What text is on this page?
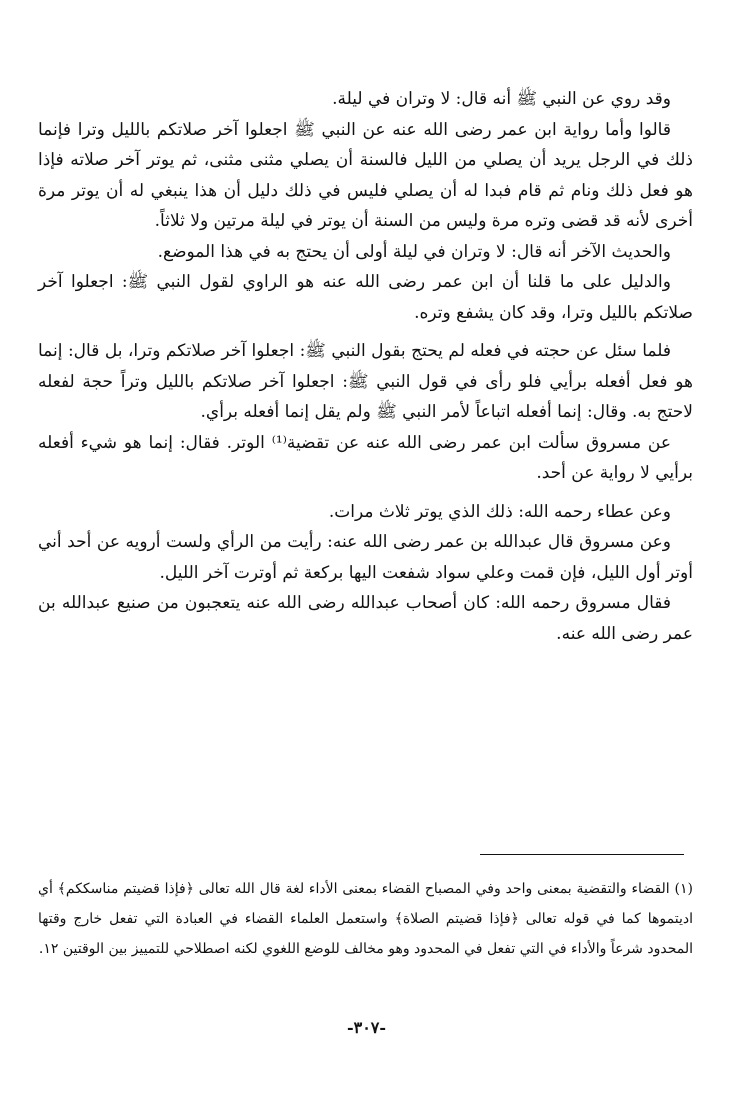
وقد روي عن النبي ﷺ أنه قال: لا وتران في ليلة.

قالوا وأما رواية ابن عمر رضى الله عنه عن النبي ﷺ اجعلوا آخر صلاتكم بالليل وترا فإنما ذلك في الرجل يريد أن يصلي من الليل فالسنة أن يصلي مثنى مثنى، ثم يوتر آخر صلاته فإذا هو فعل ذلك ونام ثم قام فبدا له أن يصلي فليس في ذلك دليل أن هذا ينبغي له أن يوتر مرة أخرى لأنه قد قضى وتره مرة وليس من السنة أن يوتر في ليلة مرتين ولا ثلاثاً.

والحديث الآخر أنه قال: لا وتران في ليلة أولى أن يحتج به في هذا الموضع.

والدليل على ما قلنا أن ابن عمر رضى الله عنه هو الراوي لقول النبي ﷺ: اجعلوا آخر صلاتكم بالليل وترا، وقد كان يشفع وتره.

فلما سئل عن حجته في فعله لم يحتج بقول النبي ﷺ: اجعلوا آخر صلاتكم وترا، بل قال: إنما هو فعل أفعله برأيي فلو رأى في قول النبي ﷺ: اجعلوا آخر صلاتكم بالليل وتراً حجة لفعله لاحتج به. وقال: إنما أفعله اتباعاً لأمر النبي ﷺ ولم يقل إنما أفعله برأي.

عن مسروق سألت ابن عمر رضى الله عنه عن تقضية⁽¹⁾ الوتر. فقال: إنما هو شيء أفعله برأيي لا رواية عن أحد.

وعن عطاء رحمه الله: ذلك الذي يوتر ثلاث مرات.

وعن مسروق قال عبدالله بن عمر رضى الله عنه: رأيت من الرأي ولست أرويه عن أحد أني أوتر أول الليل، فإن قمت وعلي سواد شفعت اليها بركعة ثم أوترت آخر الليل.

فقال مسروق رحمه الله: كان أصحاب عبدالله رضى الله عنه يتعجبون من صنيع عبدالله بن عمر رضى الله عنه.

(١) القضاء والتقضية بمعنى واحد وفي المصباح القضاء بمعنى الأداء لغة قال الله تعالى ﴿فإذا قضيتم مناسككم﴾ أي اديتموها كما في قوله تعالى ﴿فإذا قضيتم الصلاة﴾ واستعمل العلماء القضاء في العبادة التي تفعل خارج وقتها المحدود شرعاً والأداء في التي تفعل في المحدود وهو مخالف للوضع اللغوي لكنه اصطلاحي للتمييز بين الوقتين ١٢.

-٣٠٧-
